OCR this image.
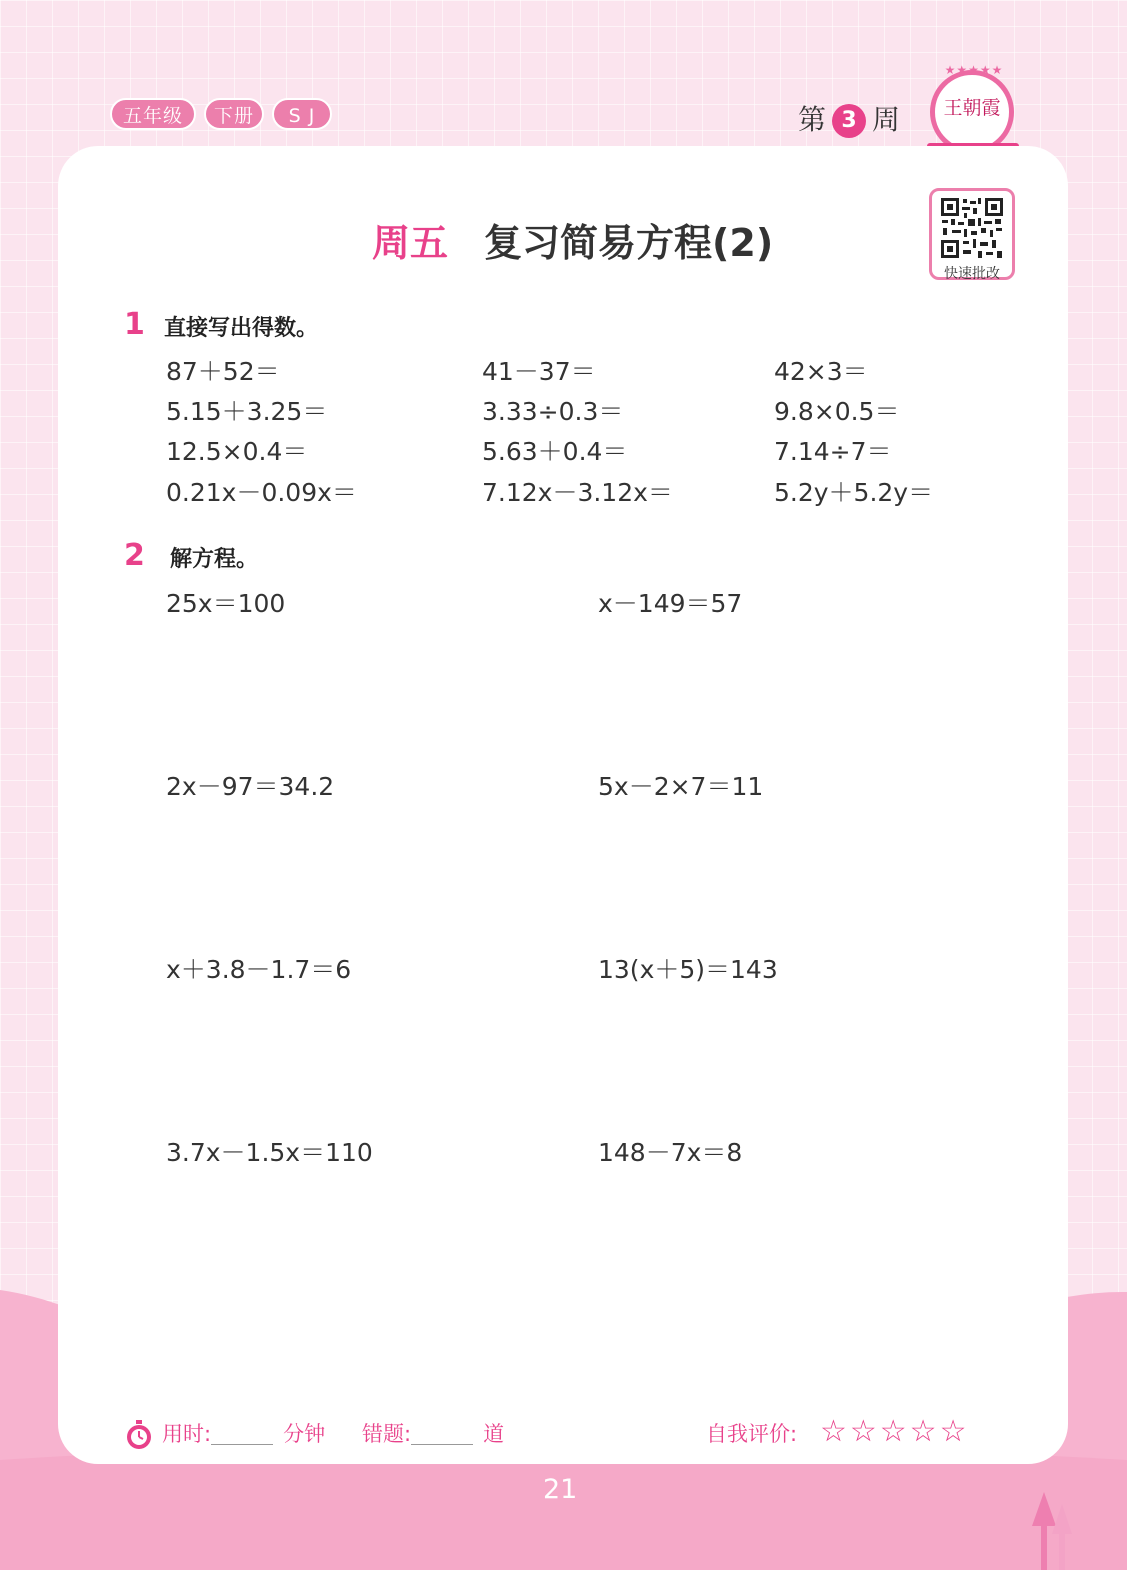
五年级	下册	S J	第 3 周
★★★★★
王朝霞
周五 复习简易方程(2)
快速批改
1 直接写出得数。
87＋52＝	41－37＝	42×3＝
5.15＋3.25＝	3.33÷0.3＝	9.8×0.5＝
12.5×0.4＝	5.63＋0.4＝	7.14÷7＝
0.21x－0.09x＝	7.12x－3.12x＝	5.2y＋5.2y＝
2 解方程。
25x＝100	x－149＝57
2x－97＝34.2	5x－2×7＝11
x＋3.8－1.7＝6	13(x＋5)＝143
3.7x－1.5x＝110	148－7x＝8
用时:	分钟 错题:	道	自我评价: ☆☆☆☆☆
21
